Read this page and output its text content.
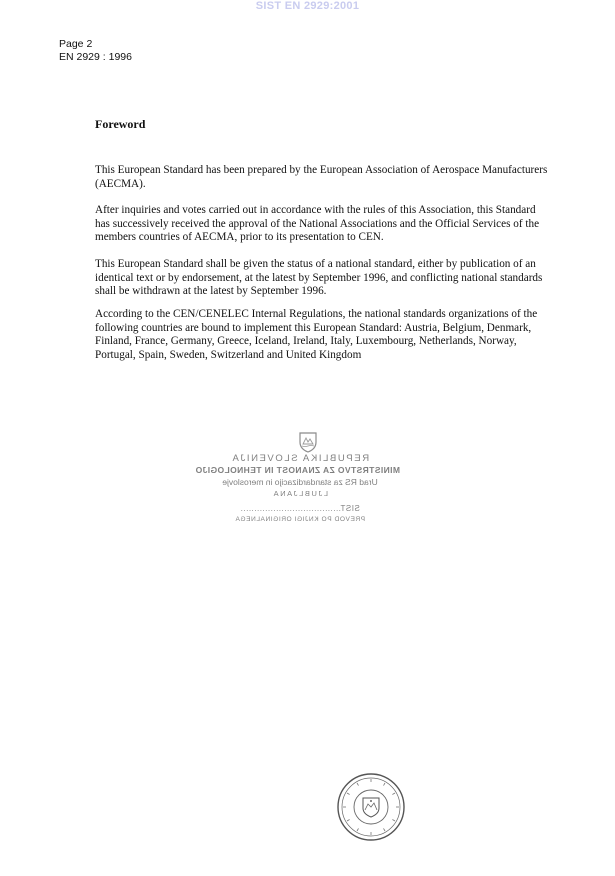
SIST EN 2929:2001
Page 2
EN 2929 : 1996
Foreword

This European Standard has been prepared by the European Association of Aerospace Manufacturers (AECMA).

After inquiries and votes carried out in accordance with the rules of this Association, this Standard has successively received the approval of the National Associations and the Official Services of the members countries of AECMA, prior to its presentation to CEN.

This European Standard shall be given the status of a national standard, either by publication of an identical text or by endorsement, at the latest by September 1996, and conflicting national standards shall be withdrawn at the latest by September 1996.

According to the CEN/CENELEC Internal Regulations, the national standards organizations of the following countries are bound to implement this European Standard: Austria, Belgium, Denmark, Finland, France, Germany, Greece, Iceland, Ireland, Italy, Luxembourg, Netherlands, Norway, Portugal, Spain, Sweden, Switzerland and United Kingdom

REPUBLIKA SLOVENIJA
MINISTRSTVO ZA ZNANOST IN TEHNOLOGIJO
Urad RS za standardizacijo in meroslovje
LJUBLJANA
SIST.....................................
PREVOD PO KNJIGI ORIGINALNEGA
